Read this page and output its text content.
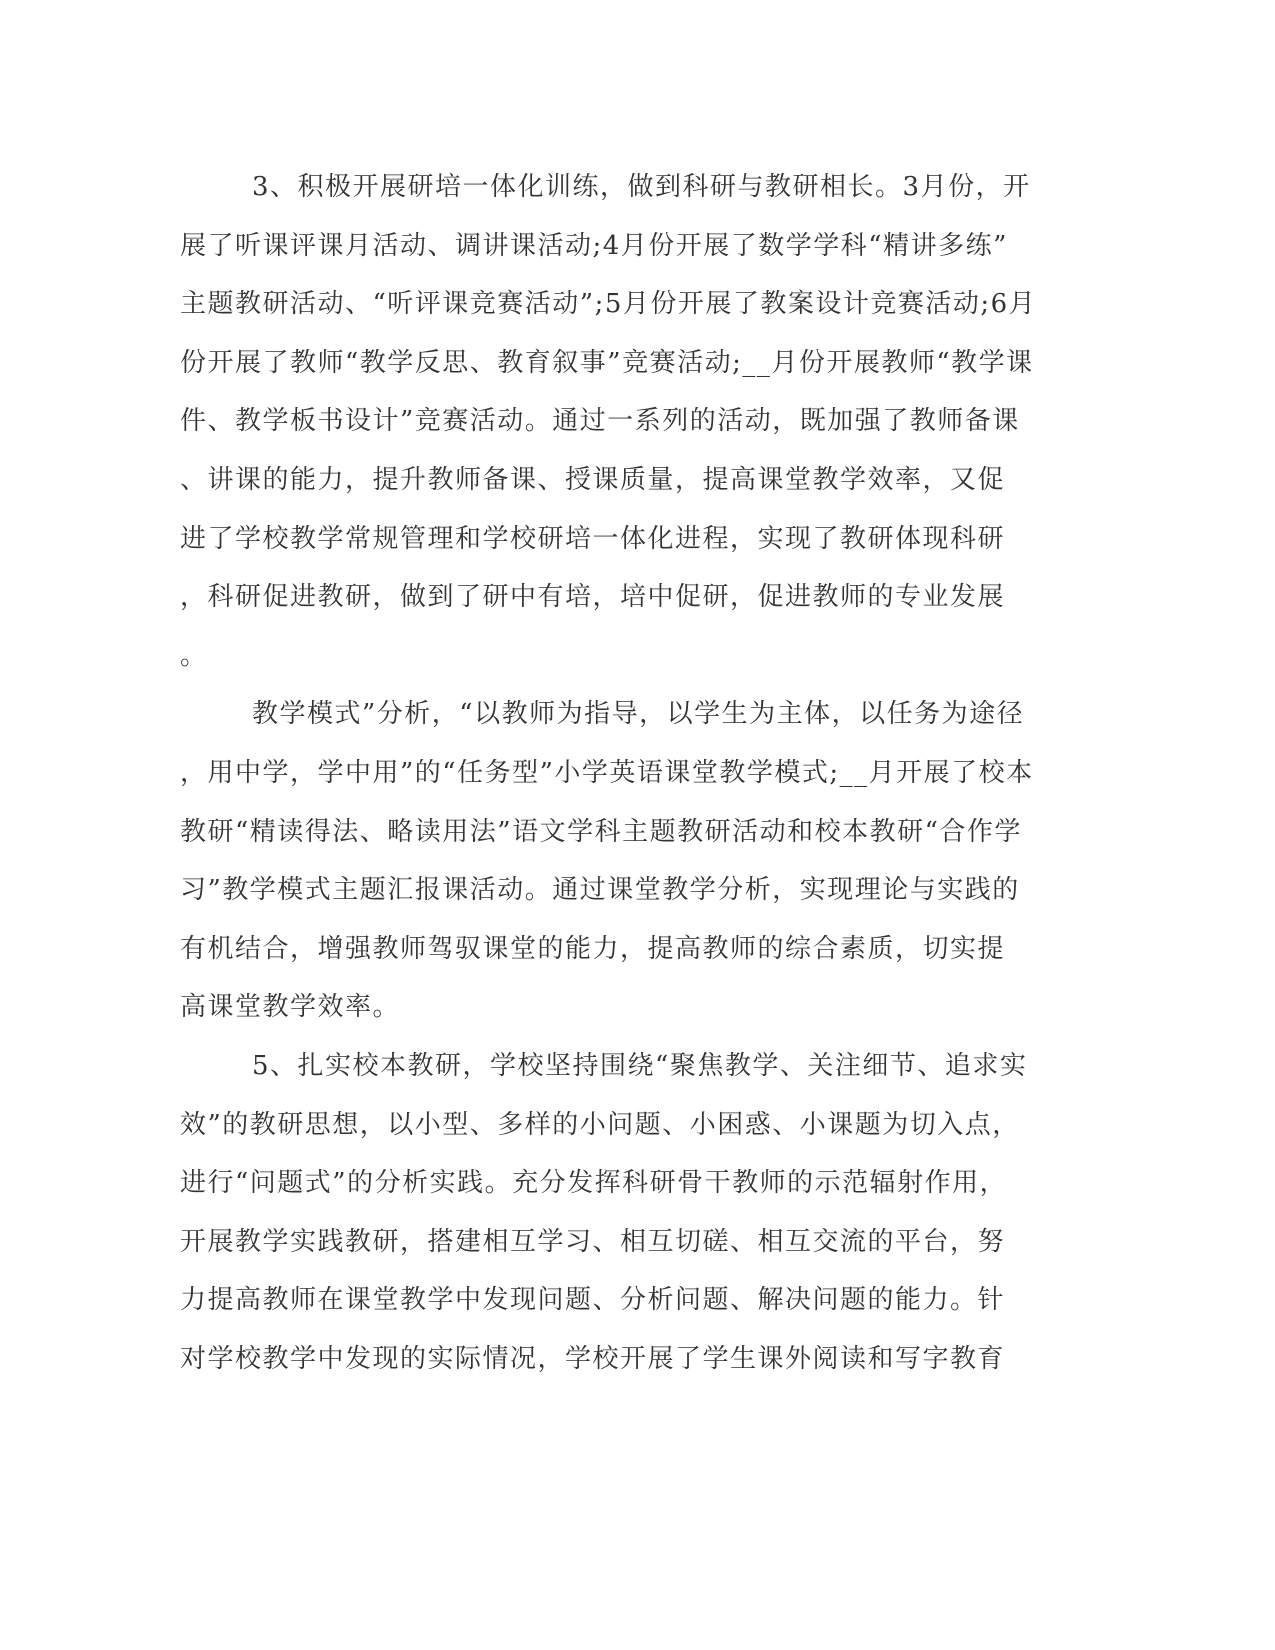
3、积极开展研培一体化训练，做到科研与教研相长。3月份，开
展了听课评课月活动、调讲课活动;4月份开展了数学学科“精讲多练”
主题教研活动、“听评课竞赛活动”;5月份开展了教案设计竞赛活动;6月
份开展了教师“教学反思、教育叙事”竞赛活动;__月份开展教师“教学课
件、教学板书设计”竞赛活动。通过一系列的活动，既加强了教师备课
、讲课的能力，提升教师备课、授课质量，提高课堂教学效率，又促
进了学校教学常规管理和学校研培一体化进程，实现了教研体现科研
，科研促进教研，做到了研中有培，培中促研，促进教师的专业发展
。
教学模式”分析，“以教师为指导，以学生为主体，以任务为途径
，用中学，学中用”的“任务型”小学英语课堂教学模式;__月开展了校本
教研“精读得法、略读用法”语文学科主题教研活动和校本教研“合作学
习”教学模式主题汇报课活动。通过课堂教学分析，实现理论与实践的
有机结合，增强教师驾驭课堂的能力，提高教师的综合素质，切实提
高课堂教学效率。
5、扎实校本教研，学校坚持围绕“聚焦教学、关注细节、追求实
效”的教研思想，以小型、多样的小问题、小困惑、小课题为切入点，
进行“问题式”的分析实践。充分发挥科研骨干教师的示范辐射作用，
开展教学实践教研，搭建相互学习、相互切磋、相互交流的平台，努
力提高教师在课堂教学中发现问题、分析问题、解决问题的能力。针
对学校教学中发现的实际情况，学校开展了学生课外阅读和写字教育
